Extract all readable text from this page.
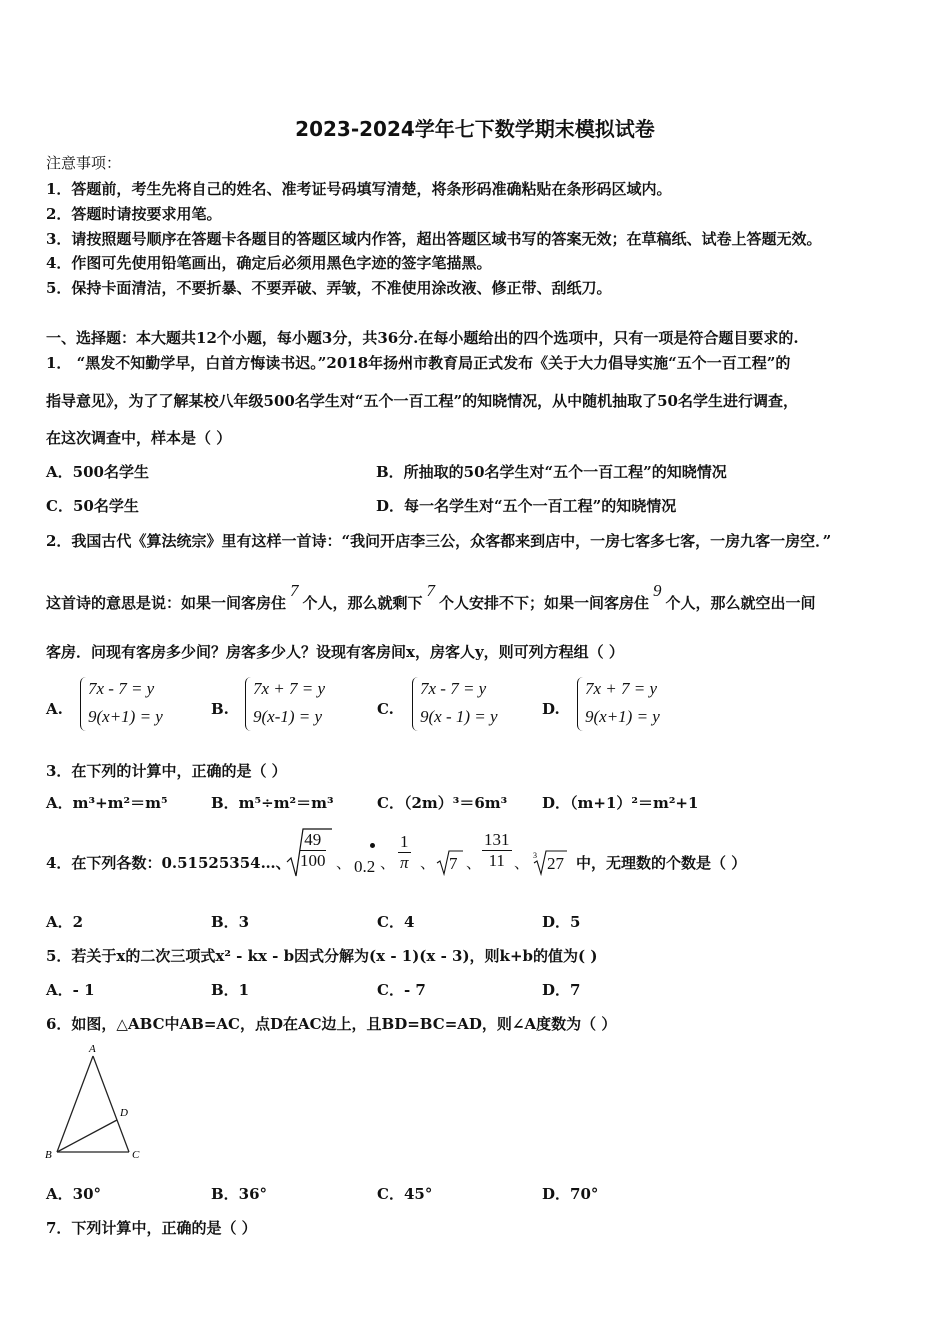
2023-2024学年七下数学期末模拟试卷
注意事项：
1．答题前，考生先将自己的姓名、准考证号码填写清楚，将条形码准确粘贴在条形码区域内。
2．答题时请按要求用笔。
3．请按照题号顺序在答题卡各题目的答题区域内作答，超出答题区域书写的答案无效；在草稿纸、试卷上答题无效。
4．作图可先使用铅笔画出，确定后必须用黑色字迹的签字笔描黑。
5．保持卡面清洁，不要折暴、不要弄破、弄皱，不准使用涂改液、修正带、刮纸刀。
一、选择题：本大题共12个小题，每小题3分，共36分.在每小题给出的四个选项中，只有一项是符合题目要求的.
1． “黑发不知勤学早，白首方悔读书迟。”2018年扬州市教育局正式发布《关于大力倡导实施“五个一百工程”的
指导意见》，为了了解某校八年级500名学生对“五个一百工程”的知晓情况，从中随机抽取了50名学生进行调查，
在这次调查中，样本是（ ）
A．500名学生	B．所抽取的50名学生对“五个一百工程”的知晓情况
C．50名学生	D．每一名学生对“五个一百工程”的知晓情况
2．我国古代《算法统宗》里有这样一首诗：“我问开店李三公，众客都来到店中，一房七客多七客，一房九客一房空．”
这首诗的意思是说：如果一间客房住7个人，那么就剩下7个人安排不下；如果一间客房住9个人，那么就空出一间
客房．问现有客房多少间？房客多少人？设现有客房间x，房客人y，则可列方程组（ ）
A.
7x - 7 = y
9(x+1) = y	B.
7x + 7 = y
9(x-1) = y	C.
7x - 7 = y
9(x - 1) = y	D.
7x + 7 = y
9(x+1) = y
3．在下列的计算中，正确的是（ ）
A．m³+m²＝m⁵	B．m⁵÷m²＝m³	C．（2m）³＝6m³ D．（m+1）²＝m²+1
4．在下列各数：0.51525354…、 $\frac{49}{100}$ 、 0.2 、 $\frac{1}{\pi}$ 、 7 、 $\frac{131}{11}$ 、 3 27 中，无理数的个数是（ ）
A．2	B．3	C．4	D．5
5．若关于x的二次三项式x² - kx - b因式分解为(x - 1)(x - 3)，则k+b的值为( )
A．- 1	B．1	C．- 7	D．7
6．如图，△ABC中AB=AC，点D在AC边上，且BD=BC=AD，则∠A度数为（ ）
A
B	C
D
A．30°	B．36°	C．45°	D．70°
7．下列计算中，正确的是（ ）
